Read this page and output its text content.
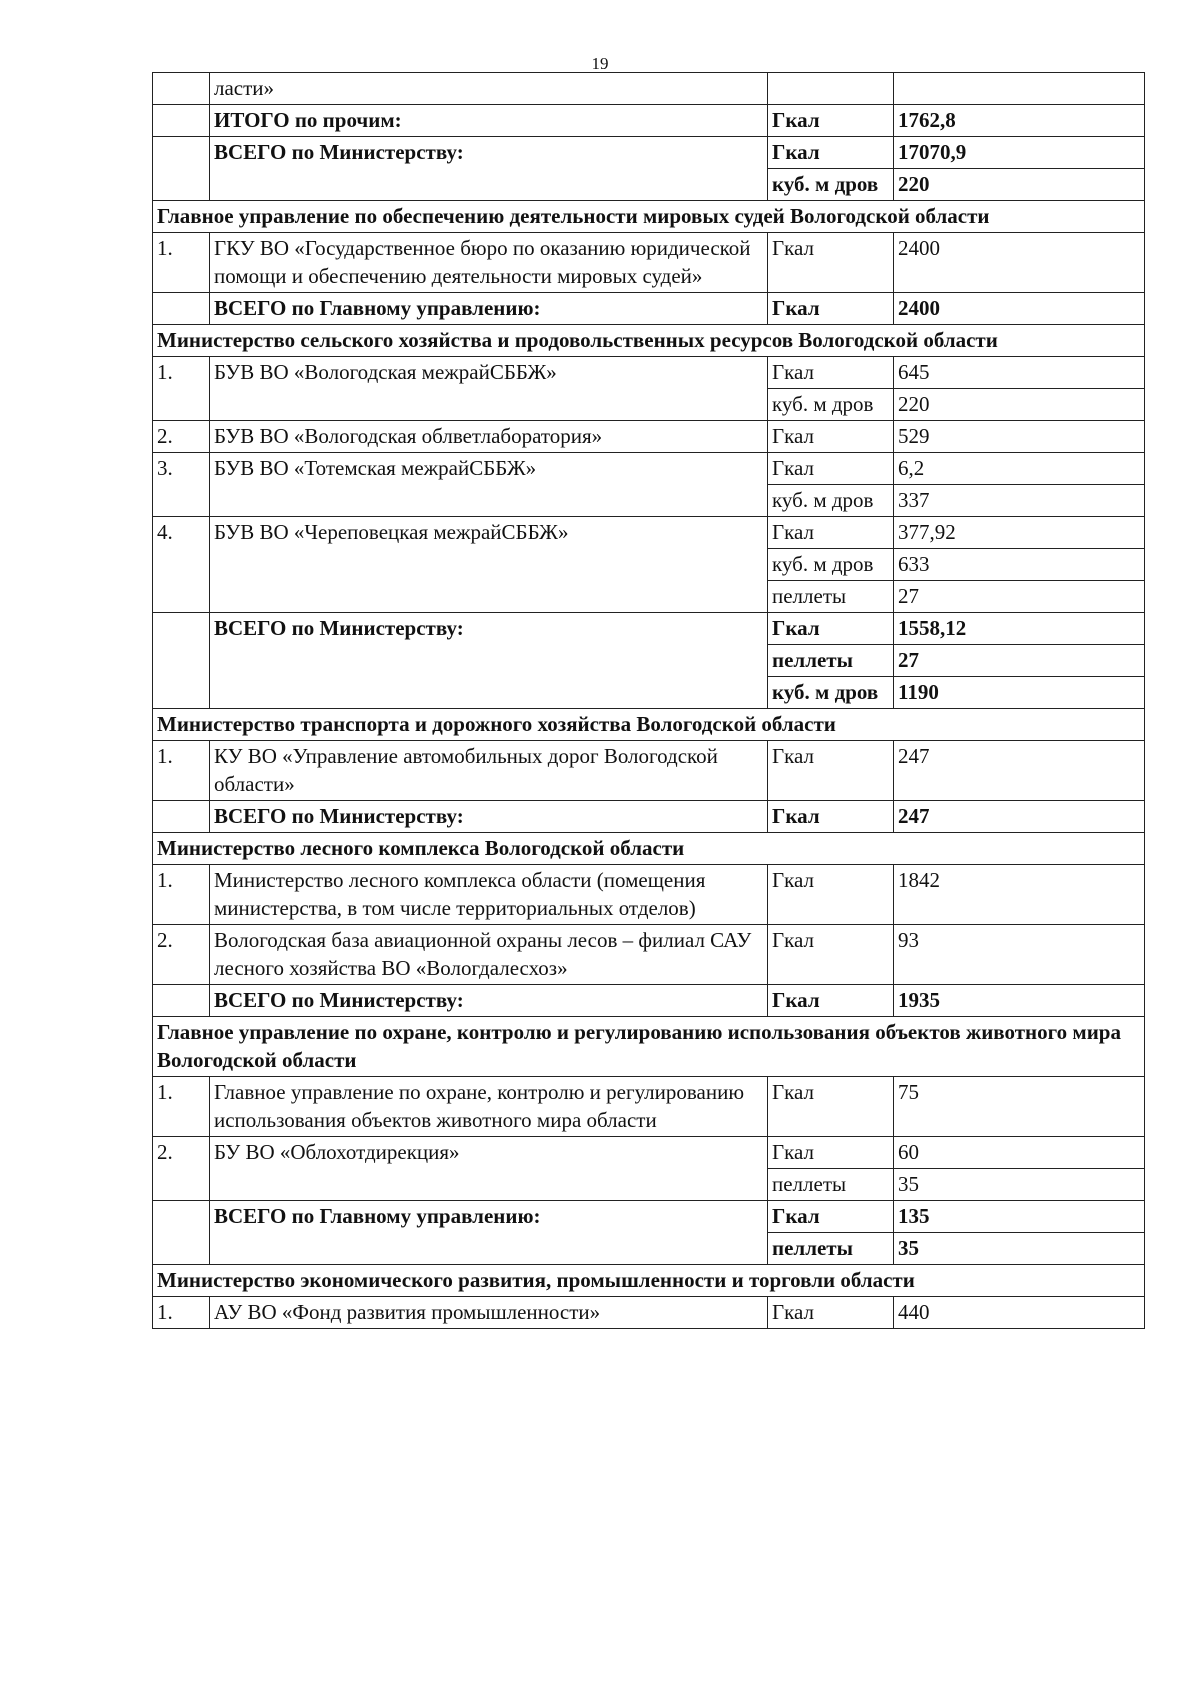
19
	ласти»		
	ИТОГО по прочим:	Гкал	1762,8
	ВСЕГО по Министерству:	Гкал	17070,9
		куб. м дров	220
Главное управление по обеспечению деятельности мировых судей Вологодской области			
1.	ГКУ ВО «Государственное бюро по оказанию юридической помощи и обеспечению деятельности мировых судей»	Гкал	2400
	ВСЕГО по Главному управлению:	Гкал	2400
Министерство сельского хозяйства и продовольственных ресурсов Вологодской области			
1.	БУВ ВО «Вологодская межрайСББЖ»	Гкал	645
		куб. м дров	220
2.	БУВ ВО «Вологодская облветлаборатория»	Гкал	529
3.	БУВ ВО «Тотемская межрайСББЖ»	Гкал	6,2
		куб. м дров	337
4.	БУВ ВО «Череповецкая межрайСББЖ»	Гкал	377,92
		куб. м дров	633
		пеллеты	27
	ВСЕГО по Министерству:	Гкал	1558,12
		пеллеты	27
		куб. м дров	1190
Министерство транспорта и дорожного хозяйства Вологодской области			
1.	КУ ВО «Управление автомобильных дорог Вологодской области»	Гкал	247
	ВСЕГО по Министерству:	Гкал	247
Министерство лесного комплекса Вологодской области			
1.	Министерство лесного комплекса области (помещения министерства, в том числе территориальных отделов)	Гкал	1842
2.	Вологодская база авиационной охраны лесов – филиал САУ лесного хозяйства ВО «Вологдалесхоз»	Гкал	93
	ВСЕГО по Министерству:	Гкал	1935
Главное управление по охране, контролю и регулированию использования объектов животного мира Вологодской области			
1.	Главное управление по охране, контролю и регулированию использования объектов животного мира области	Гкал	75
2.	БУ ВО «Облохотдирекция»	Гкал	60
		пеллеты	35
	ВСЕГО по Главному управлению:	Гкал	135
		пеллеты	35
Министерство экономического развития, промышленности и торговли области			
1.	АУ ВО «Фонд развития промышленности»	Гкал	440
